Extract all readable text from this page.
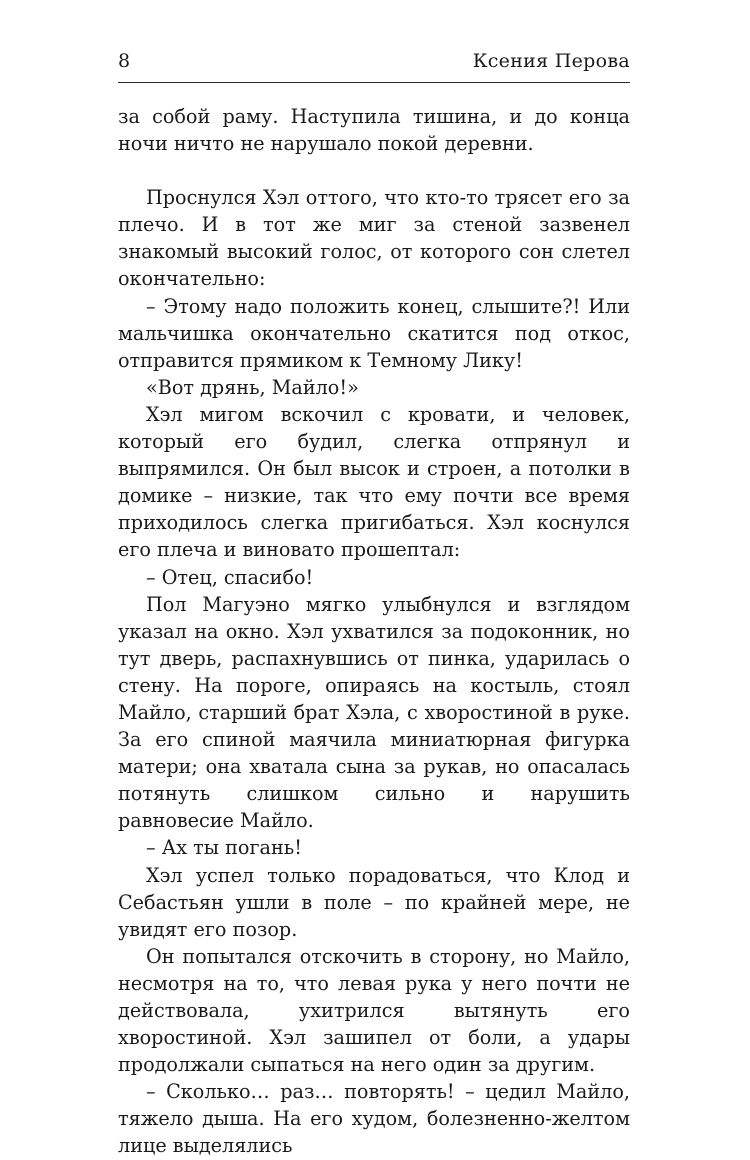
8	Ксения Перова

за собой раму. Наступила тишина, и до конца ночи ничто не нарушало покой деревни.

Проснулся Хэл оттого, что кто-то трясет его за плечо. И в тот же миг за стеной зазвенел знакомый высокий голос, от которого сон слетел окончательно:

– Этому надо положить конец, слышите?! Или мальчишка окончательно скатится под откос, отправится прямиком к Темному Лику!

«Вот дрянь, Майло!»

Хэл мигом вскочил с кровати, и человек, который его будил, слегка отпрянул и выпрямился. Он был высок и строен, а потолки в домике – низкие, так что ему почти все время приходилось слегка пригибаться. Хэл коснулся его плеча и виновато прошептал:

– Отец, спасибо!

Пол Магуэно мягко улыбнулся и взглядом указал на окно. Хэл ухватился за подоконник, но тут дверь, распахнувшись от пинка, ударилась о стену. На пороге, опираясь на костыль, стоял Майло, старший брат Хэла, с хворостиной в руке. За его спиной маячила миниатюрная фигурка матери; она хватала сына за рукав, но опасалась потянуть слишком сильно и нарушить равновесие Майло.

– Ах ты погань!

Хэл успел только порадоваться, что Клод и Себастьян ушли в поле – по крайней мере, не увидят его позор.

Он попытался отскочить в сторону, но Майло, несмотря на то, что левая рука у него почти не действовала, ухитрился вытянуть его хворостиной. Хэл зашипел от боли, а удары продолжали сыпаться на него один за другим.

– Сколько… раз… повторять! – цедил Майло, тяжело дыша. На его худом, болезненно-желтом лице выделялись
